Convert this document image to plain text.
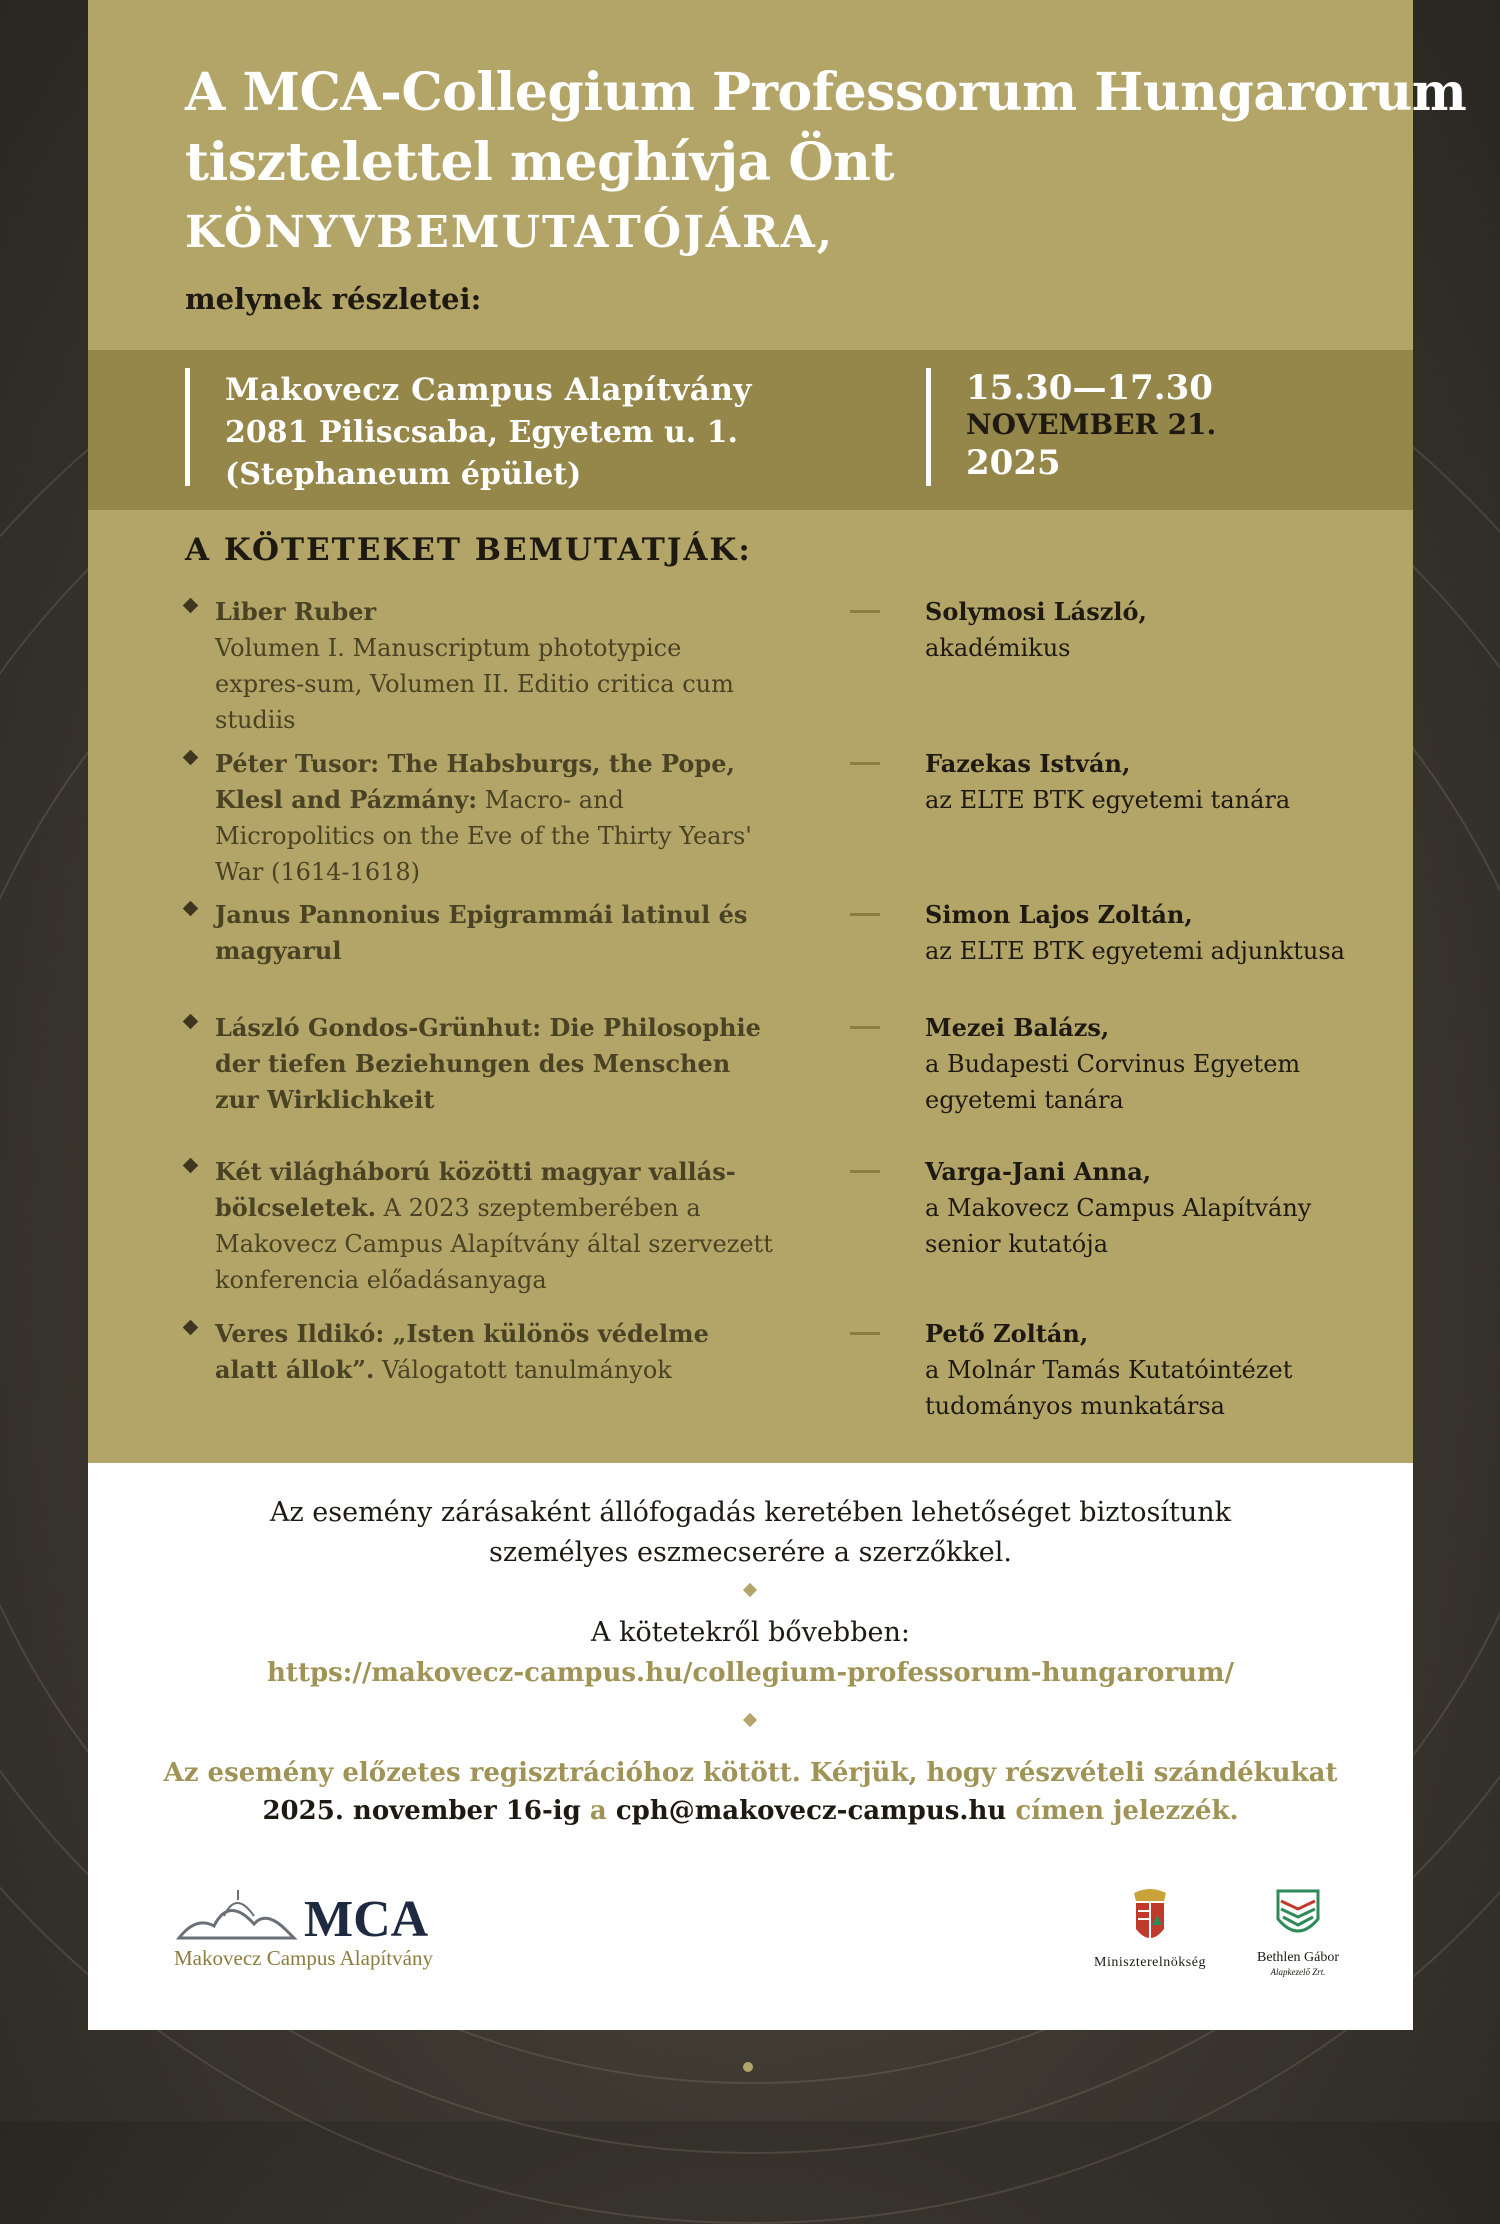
A MCA-Collegium Professorum Hungarorum
tisztelettel meghívja Önt
KÖNYVBEMUTATÓJÁRA,
melynek részletei:
Makovecz Campus Alapítvány
2081 Piliscsaba, Egyetem u. 1.
(Stephaneum épület)
15.30—17.30
NOVEMBER 21.
2025
A KÖTETEKET BEMUTATJÁK:
Liber Ruber
Volumen I. Manuscriptum phototypice expres-sum, Volumen II. Editio critica cum studiis
Solymosi László,
akadémikus
Péter Tusor: The Habsburgs, the Pope, Klesl and Pázmány: Macro- and Micropolitics on the Eve of the Thirty Years' War (1614-1618)
Fazekas István,
az ELTE BTK egyetemi tanára
Janus Pannonius Epigrammái latinul és magyarul
Simon Lajos Zoltán,
az ELTE BTK egyetemi adjunktusa
László Gondos-Grünhut: Die Philosophie der tiefen Beziehungen des Menschen zur Wirklichkeit
Mezei Balázs,
a Budapesti Corvinus Egyetem egyetemi tanára
Két világháború közötti magyar vallás-bölcseletek. A 2023 szeptemberében a Makovecz Campus Alapítvány által szervezett konferencia előadásanyaga
Varga-Jani Anna,
a Makovecz Campus Alapítvány senior kutatója
Veres Ildikó: „Isten különös védelme alatt állok”. Válogatott tanulmányok
Pető Zoltán,
a Molnár Tamás Kutatóintézet tudományos munkatársa
Az esemény zárásaként állófogadás keretében lehetőséget biztosítunk
személyes eszmecserére a szerzőkkel.
A kötetekről bővebben:
https://makovecz-campus.hu/collegium-professorum-hungarorum/
Az esemény előzetes regisztrációhoz kötött. Kérjük, hogy részvételi szándékukat
2025. november 16-ig a cph@makovecz-campus.hu címen jelezzék.
MCA
Makovecz Campus Alapítvány	Miniszterelnökség	Bethlen Gábor
Alapkezelő Zrt.
